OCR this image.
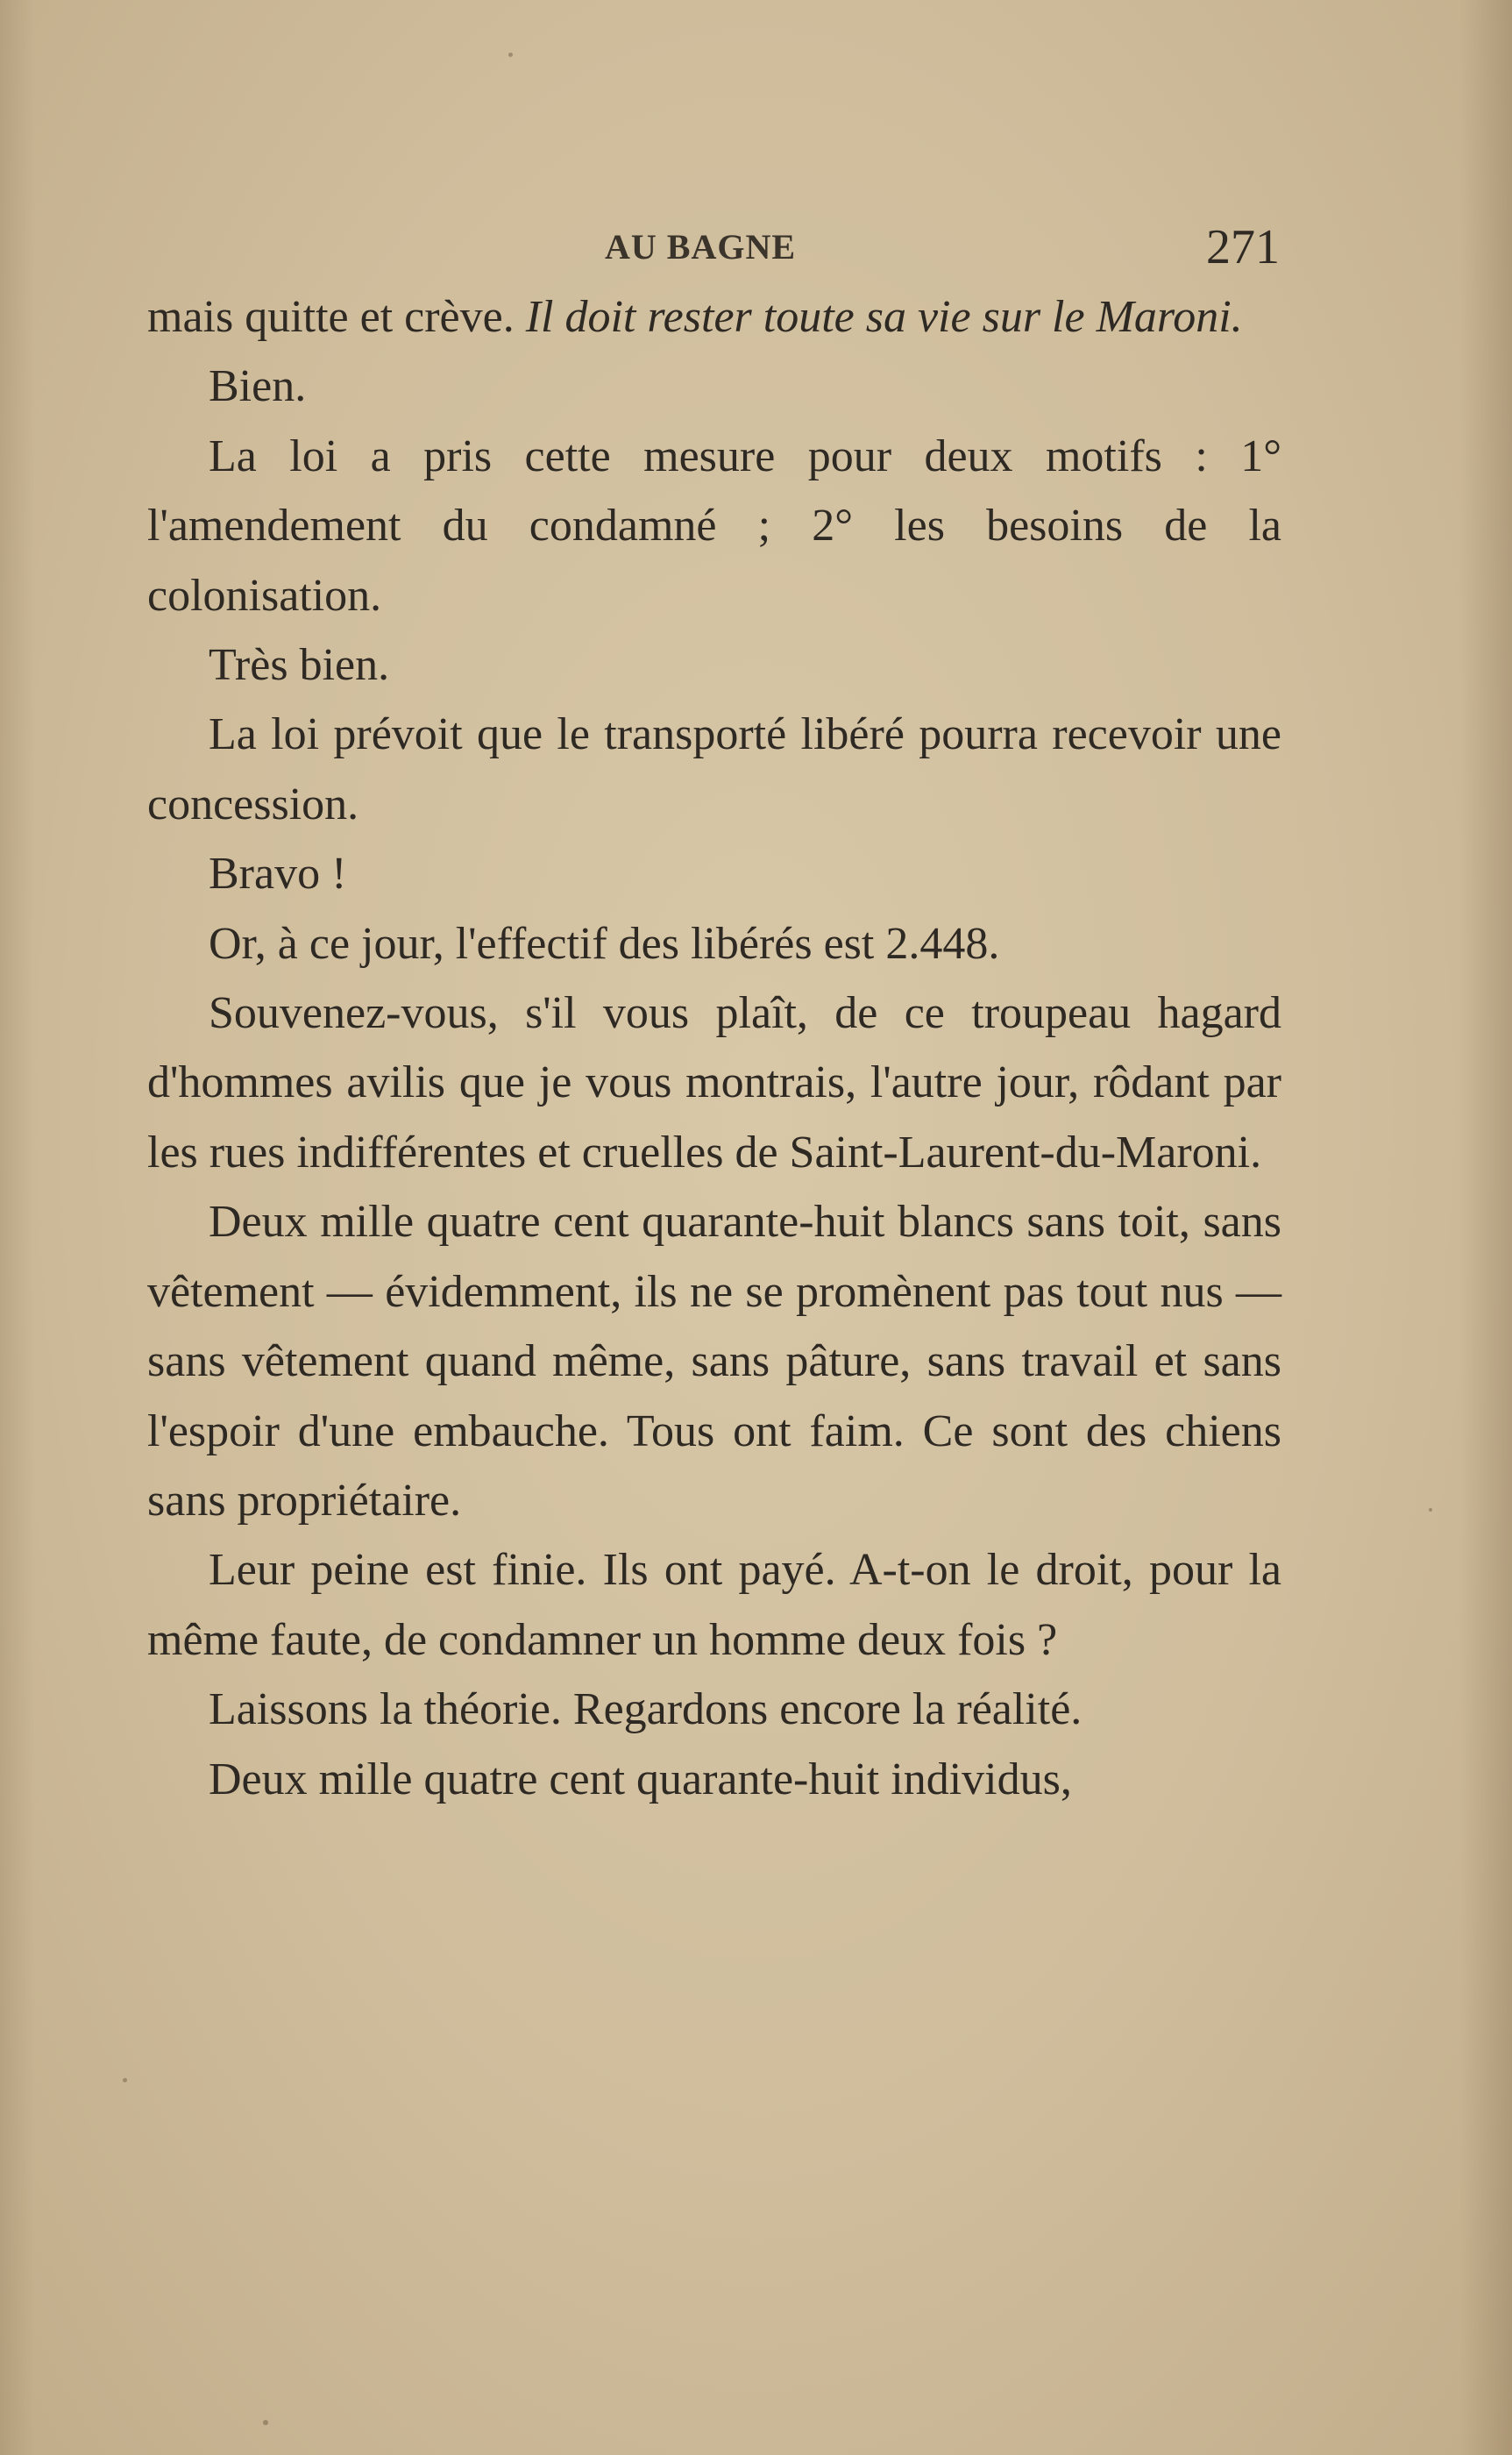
AU BAGNE	271

mais quitte et crève. Il doit rester toute sa vie sur le Maroni.

Bien.

La loi a pris cette mesure pour deux motifs : 1° l'amendement du condamné ; 2° les besoins de la colonisation.

Très bien.

La loi prévoit que le transporté libéré pourra recevoir une concession.

Bravo !

Or, à ce jour, l'effectif des libérés est 2.448.

Souvenez-vous, s'il vous plaît, de ce troupeau hagard d'hommes avilis que je vous montrais, l'autre jour, rôdant par les rues indifférentes et cruelles de Saint-Laurent-du-Maroni.

Deux mille quatre cent quarante-huit blancs sans toit, sans vêtement — évidemment, ils ne se promènent pas tout nus — sans vêtement quand même, sans pâture, sans travail et sans l'espoir d'une embauche. Tous ont faim. Ce sont des chiens sans propriétaire.

Leur peine est finie. Ils ont payé. A-t-on le droit, pour la même faute, de condamner un homme deux fois ?

Laissons la théorie. Regardons encore la réalité.

Deux mille quatre cent quarante-huit individus,
